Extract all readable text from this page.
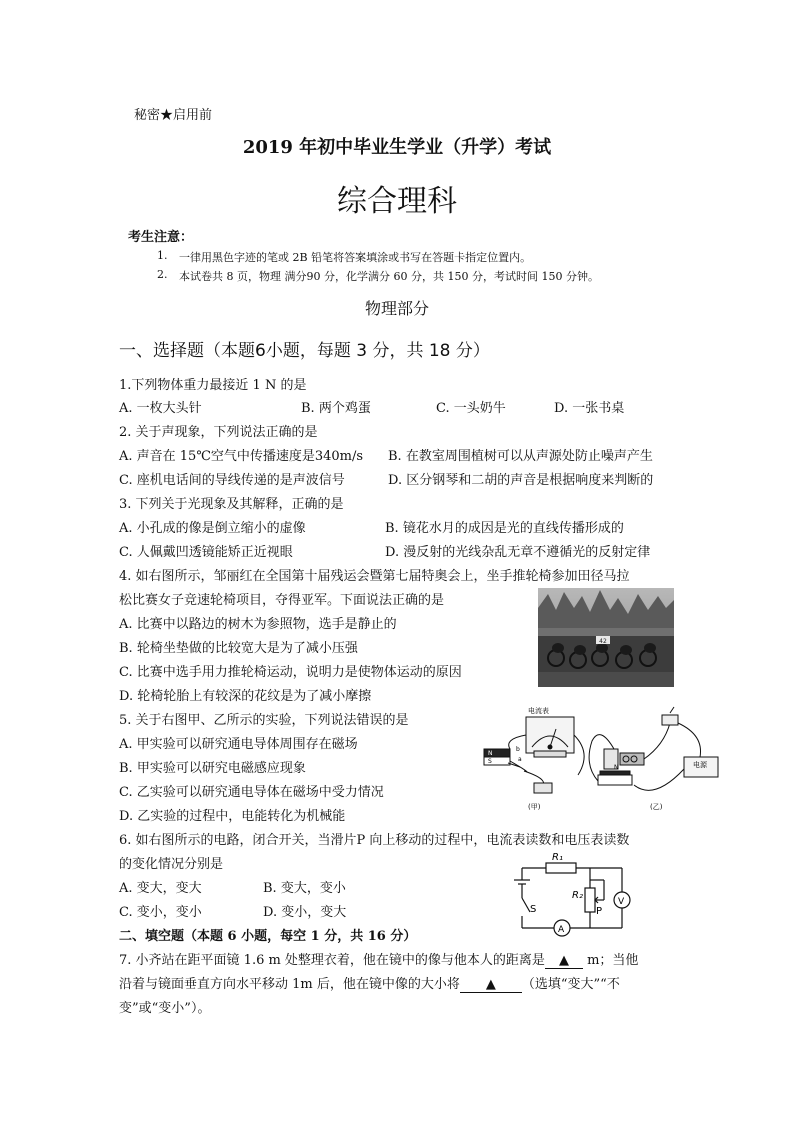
秘密★启用前
2019 年初中毕业生学业（升学）考试
综合理科
考生注意：
1. 一律用黑色字迹的笔或 2B 铅笔将答案填涂或书写在答题卡指定位置内。
2. 本试卷共 8 页，物理 满分90 分，化学满分 60 分，共 150 分，考试时间 150 分钟。
物理部分
一、选择题（本题6小题，每题 3 分，共 18 分）
1.下列物体重力最接近 1 N 的是
A. 一枚大头针	B. 两个鸡蛋	C. 一头奶牛	D. 一张书桌
2. 关于声现象，下列说法正确的是
A. 声音在 15℃空气中传播速度是340m/s B. 在教室周围植树可以从声源处防止噪声产生
C. 座机电话间的导线传递的是声波信号	D. 区分钢琴和二胡的声音是根据响度来判断的
3. 下列关于光现象及其解释，正确的是
A. 小孔成的像是倒立缩小的虚像	B. 镜花水月的成因是光的直线传播形成的
C. 人佩戴凹透镜能矫正近视眼	D. 漫反射的光线杂乱无章不遵循光的反射定律
4. 如右图所示，邹丽红在全国第十届残运会暨第七届特奥会上，坐手推轮椅参加田径马拉
松比赛女子竞速轮椅项目，夺得亚军。下面说法正确的是
A. 比赛中以路边的树木为参照物，选手是静止的
B. 轮椅坐垫做的比较宽大是为了减小压强
C. 比赛中选手用力推轮椅运动，说明力是使物体运动的原因
D. 轮椅轮胎上有较深的花纹是为了减小摩擦
42
5. 关于右图甲、乙所示的实验，下列说法错误的是
A. 甲实验可以研究通电导体周围存在磁场
B. 甲实验可以研究电磁感应现象
C. 乙实验可以研究通电导体在磁场中受力情况
D. 乙实验的过程中，电能转化为机械能
电流表
电源
N
S	a
b
N
(甲)	(乙)
6. 如右图所示的电路，闭合开关，当滑片P 向上移动的过程中，电流表读数和电压表读数
的变化情况分别是
A. 变大，变大	B. 变大，变小
C. 变小，变小	D. 变小，变大
R₁
R₂
P
S
V
A
二、填空题（本题 6 小题，每空 1 分，共 16 分）
7. 小齐站在距平面镜 1.6 m 处整理衣着，他在镜中的像与他本人的距离是 ▲ m；当他
沿着与镜面垂直方向水平移动 1m 后，他在镜中像的大小将 ▲ （选填“变大”“不
变”或“变小”）。
